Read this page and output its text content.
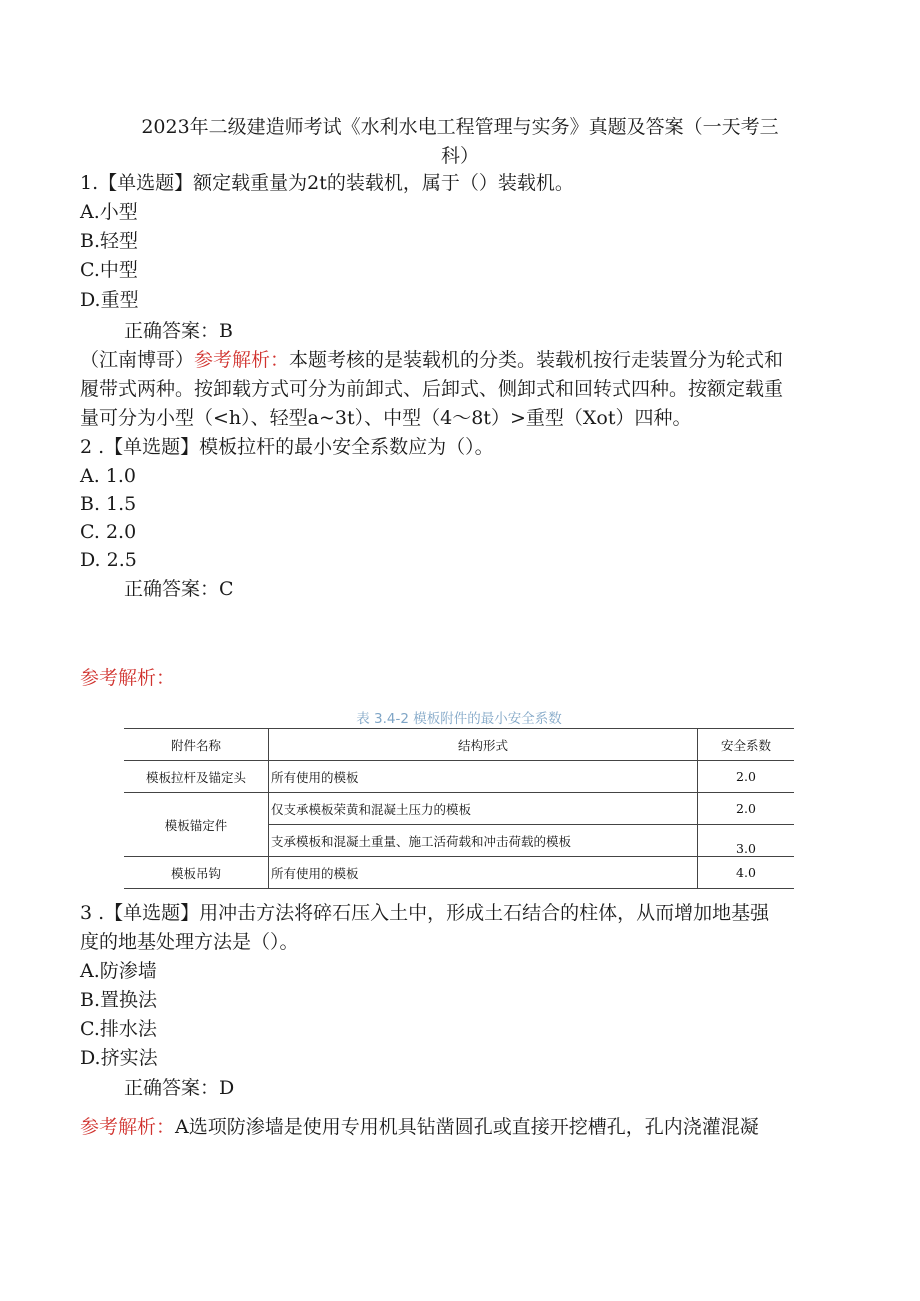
2023年二级建造师考试《水利水电工程管理与实务》真题及答案（一天考三
科）
1.【单选题】额定载重量为2t的装载机，属于（）装载机。
A.小型
B.轻型
C.中型
D.重型
正确答案：B
（江南博哥）参考解析：本题考核的是装载机的分类。装载机按行走装置分为轮式和
履带式两种。按卸载方式可分为前卸式、后卸式、侧卸式和回转式四种。按额定载重
量可分为小型（<h）、轻型a~3t）、中型（4～8t）>重型（Xot）四种。
2 .【单选题】模板拉杆的最小安全系数应为（）。
A. 1.0
B. 1.5
C. 2.0
D. 2.5
正确答案：C
参考解析：
表 3.4-2 模板附件的最小安全系数
附件名称	结构形式	安全系数
模板拉杆及锚定头	所有使用的模板	2.0
模板锚定件	仅支承模板荣黄和混凝土压力的模板	2.0
	支承模板和混凝土重量、施工活荷载和冲击荷载的模板	3.0
模板吊钩	所有使用的模板	4.0
3 .【单选题】用冲击方法将碎石压入土中，形成土石结合的柱体，从而增加地基强
度的地基处理方法是（）。
A.防渗墙
B.置换法
C.排水法
D.挤实法
正确答案：D
参考解析：A选项防渗墙是使用专用机具钻凿圆孔或直接开挖槽孔，孔内浇灌混凝
